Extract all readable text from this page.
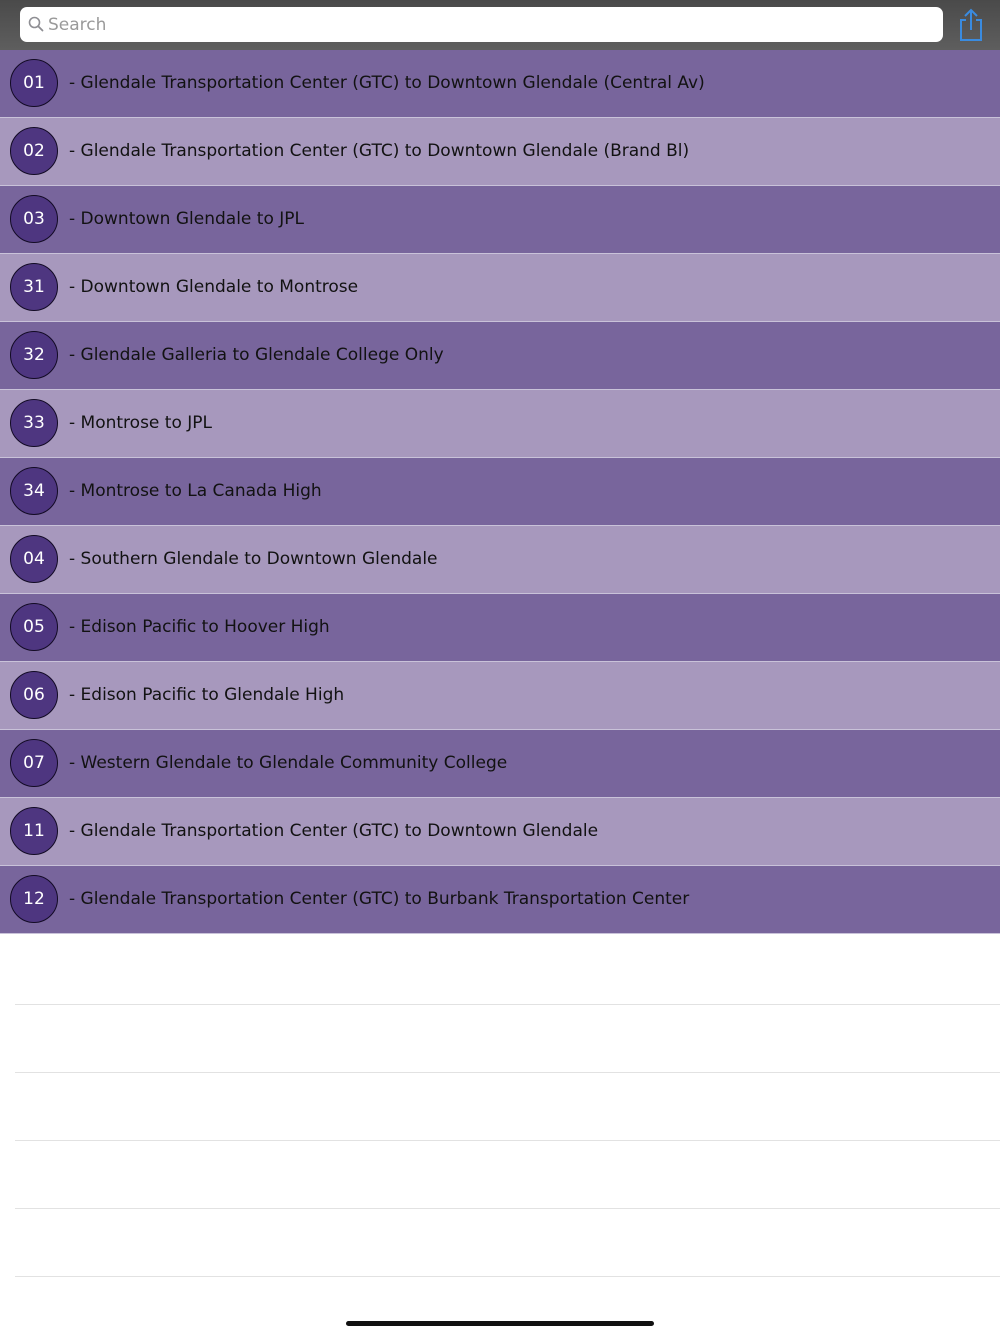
Search
01	- Glendale Transportation Center (GTC) to Downtown Glendale (Central Av)
02	- Glendale Transportation Center (GTC) to Downtown Glendale (Brand Bl)
03	- Downtown Glendale to JPL
31	- Downtown Glendale to Montrose
32	- Glendale Galleria to Glendale College Only
33	- Montrose to JPL
34	- Montrose to La Canada High
04	- Southern Glendale to Downtown Glendale
05	- Edison Pacific to Hoover High
06	- Edison Pacific to Glendale High
07	- Western Glendale to Glendale Community College
11	- Glendale Transportation Center (GTC) to Downtown Glendale
12	- Glendale Transportation Center (GTC) to Burbank Transportation Center
